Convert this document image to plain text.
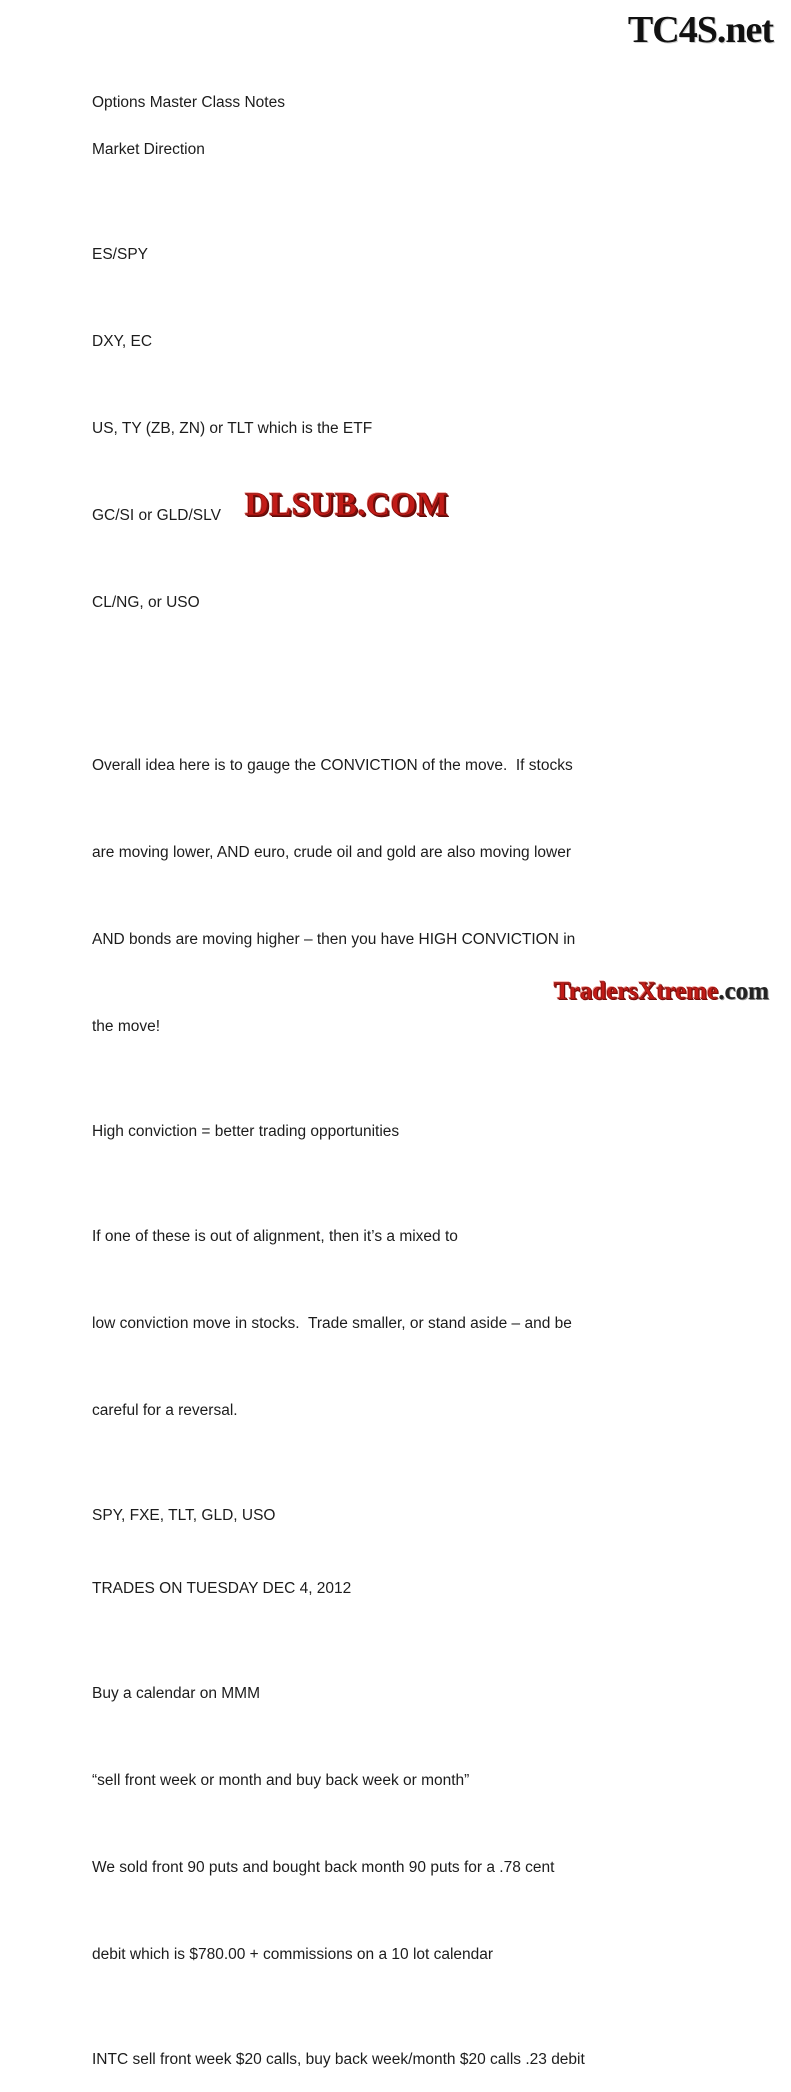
TC4S.net

Options Master Class Notes

Market Direction

ES/SPY

DXY, EC

US, TY (ZB, ZN) or TLT which is the ETF

GC/SI or GLD/SLV

CL/NG, or USO

Overall idea here is to gauge the CONVICTION of the move.  If stocks

are moving lower, AND euro, crude oil and gold are also moving lower

AND bonds are moving higher – then you have HIGH CONVICTION in

the move!

High conviction = better trading opportunities

If one of these is out of alignment, then it’s a mixed to

low conviction move in stocks.  Trade smaller, or stand aside – and be

careful for a reversal.

SPY, FXE, TLT, GLD, USO

TRADES ON TUESDAY DEC 4, 2012

Buy a calendar on MMM

“sell front week or month and buy back week or month”

We sold front 90 puts and bought back month 90 puts for a .78 cent

debit which is $780.00 + commissions on a 10 lot calendar

INTC sell front week $20 calls, buy back week/month $20 calls .23 debit

DLSUB.COM
TradersXtreme.com
